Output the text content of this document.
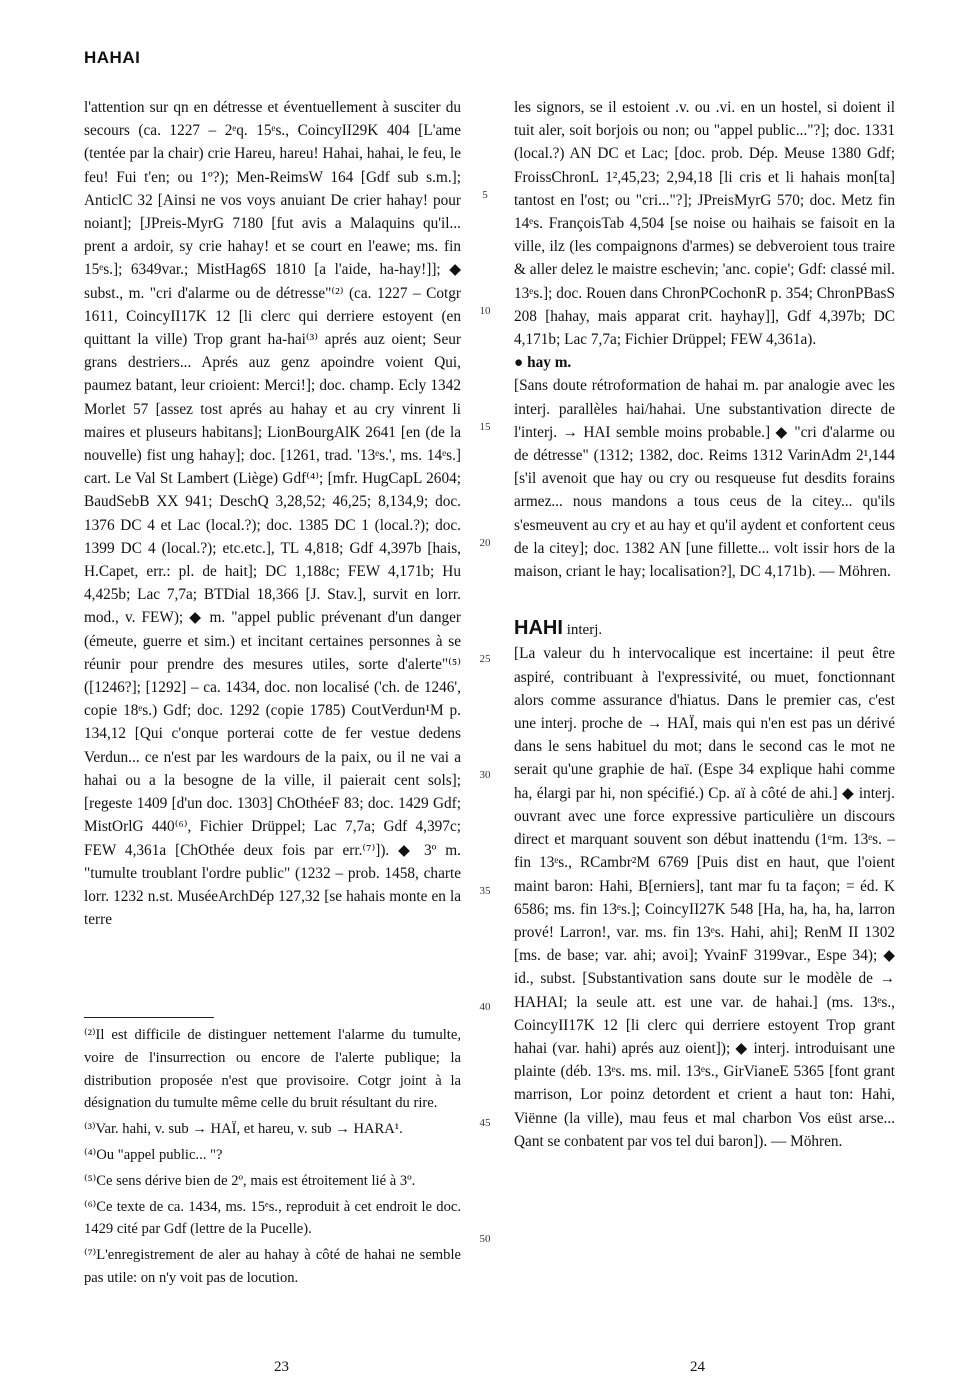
HAHAI

l'attention sur qn en détresse et éventuellement à susciter du secours (ca. 1227 – 2ᵉq. 15ᵉs., CoincyII29K 404 [L'ame (tentée par la chair) crie Hareu, hareu! Hahai, hahai, le feu, le feu! Fui t'en; ou 1º?); Men-ReimsW 164 [Gdf sub s.m.]; AnticlC 32 [Ainsi ne vos voys anuiant De crier hahay! pour noiant]; [JPreis-MyrG 7180 [fut avis a Malaquins qu'il... prent a ardoir, sy crie hahay! et se court en l'eawe; ms. fin 15ᵉs.]; 6349var.; MistHag6S 1810 [a l'aide, ha-hay!]]; ◆ subst., m. "cri d'alarme ou de détresse"⁽²⁾ (ca. 1227 – Cotgr 1611, CoincyII17K 12 [li clerc qui derriere estoyent (en quittant la ville) Trop grant ha-hai⁽³⁾ aprés auz oient; Seur grans destriers... Aprés auz genz apoindre voient Qui, paumez batant, leur crioient: Merci!]; doc. champ. Ecly 1342 Morlet 57 [assez tost aprés au hahay et au cry vinrent li maires et pluseurs habitans]; LionBourgAlK 2641 [en (de la nouvelle) fist ung hahay]; doc. [1261, trad. '13ᵉs.', ms. 14ᵉs.] cart. Le Val St Lambert (Liège) Gdf⁽⁴⁾; [mfr. HugCapL 2604; BaudSebB XX 941; DeschQ 3,28,52; 46,25; 8,134,9; doc. 1376 DC 4 et Lac (local.?); doc. 1385 DC 1 (local.?); doc. 1399 DC 4 (local.?); etc.etc.], TL 4,818; Gdf 4,397b [hais, H.Capet, err.: pl. de hait]; DC 1,188c; FEW 4,171b; Hu 4,425b; Lac 7,7a; BTDial 18,366 [J. Stav.], survit en lorr. mod., v. FEW); ◆ m. "appel public prévenant d'un danger (émeute, guerre et sim.) et incitant certaines personnes à se réunir pour prendre des mesures utiles, sorte d'alerte"⁽⁵⁾ ([1246?]; [1292] – ca. 1434, doc. non localisé ('ch. de 1246', copie 18ᵉs.) Gdf; doc. 1292 (copie 1785) CoutVerdun¹M p. 134,12 [Qui c'onque porterai cotte de fer vestue dedens Verdun... ce n'est par les wardours de la paix, ou il ne vai a hahai ou a la besogne de la ville, il paierait cent sols]; [regeste 1409 [d'un doc. 1303] ChOthéeF 83; doc. 1429 Gdf; MistOrlG 440⁽⁶⁾, Fichier Drüppel; Lac 7,7a; Gdf 4,397c; FEW 4,361a [ChOthée deux fois par err.⁽⁷⁾]). ◆ 3º m. "tumulte troublant l'ordre public" (1232 – prob. 1458, charte lorr. 1232 n.st. MuséeArchDép 127,32 [se hahais monte en la terre

⁽²⁾Il est difficile de distinguer nettement l'alarme du tumulte, voire de l'insurrection ou encore de l'alerte publique; la distribution proposée n'est que provisoire. Cotgr joint à la désignation du tumulte même celle du bruit résultant du rire.

⁽³⁾Var. hahi, v. sub → HAÏ, et hareu, v. sub → HARA¹.

⁽⁴⁾Ou "appel public... "?

⁽⁵⁾Ce sens dérive bien de 2º, mais est étroitement lié à 3º.

⁽⁶⁾Ce texte de ca. 1434, ms. 15ᵉs., reproduit à cet endroit le doc. 1429 cité par Gdf (lettre de la Pucelle).

⁽⁷⁾L'enregistrement de aler au hahay à côté de hahai ne semble pas utile: on n'y voit pas de locution.

5
10
15
20
25
30
35
40
45
50

les signors, se il estoient .v. ou .vi. en un hostel, si doient il tuit aler, soit borjois ou non; ou "appel public..."?]; doc. 1331 (local.?) AN DC et Lac; [doc. prob. Dép. Meuse 1380 Gdf; FroissChronL 1²,45,23; 2,94,18 [li cris et li hahais mon[ta] tantost en l'ost; ou "cri..."?]; JPreisMyrG 570; doc. Metz fin 14ᵉs. FrançoisTab 4,504 [se noise ou haihais se faisoit en la ville, ilz (les compaignons d'armes) se debveroient tous traire & aller delez le maistre eschevin; 'anc. copie'; Gdf: classé mil. 13ᵉs.]; doc. Rouen dans ChronPCochonR p. 354; ChronPBasS 208 [hahay, mais apparat crit. hayhay]], Gdf 4,397b; DC 4,171b; Lac 7,7a; Fichier Drüppel; FEW 4,361a).

● hay m.

[Sans doute rétroformation de hahai m. par analogie avec les interj. parallèles hai/hahai. Une substantivation directe de l'interj. → HAI semble moins probable.] ◆ "cri d'alarme ou de détresse" (1312; 1382, doc. Reims 1312 VarinAdm 2¹,144 [s'il avenoit que hay ou cry ou resqueuse fut desdits forains armez... nous mandons a tous ceus de la citey... qu'ils s'esmeuvent au cry et au hay et qu'il aydent et confortent ceus de la citey]; doc. 1382 AN [une fillette... volt issir hors de la maison, criant le hay; localisation?], DC 4,171b). — Möhren.

HAHI interj.

[La valeur du h intervocalique est incertaine: il peut être aspiré, contribuant à l'expressivité, ou muet, fonctionnant alors comme assurance d'hiatus. Dans le premier cas, c'est une interj. proche de → HAÏ, mais qui n'en est pas un dérivé dans le sens habituel du mot; dans le second cas le mot ne serait qu'une graphie de haï. (Espe 34 explique hahi comme ha, élargi par hi, non spécifié.) Cp. aï à côté de ahi.] ◆ interj. ouvrant avec une force expressive particulière un discours direct et marquant souvent son début inattendu (1ᵉm. 13ᵉs. – fin 13ᵉs., RCambr²M 6769 [Puis dist en haut, que l'oient maint baron: Hahi, B[erniers], tant mar fu ta façon; = éd. K 6586; ms. fin 13ᵉs.]; CoincyII27K 548 [Ha, ha, ha, ha, larron prové! Larron!, var. ms. fin 13ᵉs. Hahi, ahi]; RenM II 1302 [ms. de base; var. ahi; avoi]; YvainF 3199var., Espe 34); ◆ id., subst. [Substantivation sans doute sur le modèle de → HAHAI; la seule att. est une var. de hahai.] (ms. 13ᵉs., CoincyII17K 12 [li clerc qui derriere estoyent Trop grant hahai (var. hahi) aprés auz oient]); ◆ interj. introduisant une plainte (déb. 13ᵉs. ms. mil. 13ᵉs., GirVianeE 5365 [font grant marrison, Lor poinz detordent et crient a haut ton: Hahi, Viënne (la ville), mau feus et mal charbon Vos eüst arse... Qant se conbatent par vos tel dui baron]). — Möhren.

23	24
